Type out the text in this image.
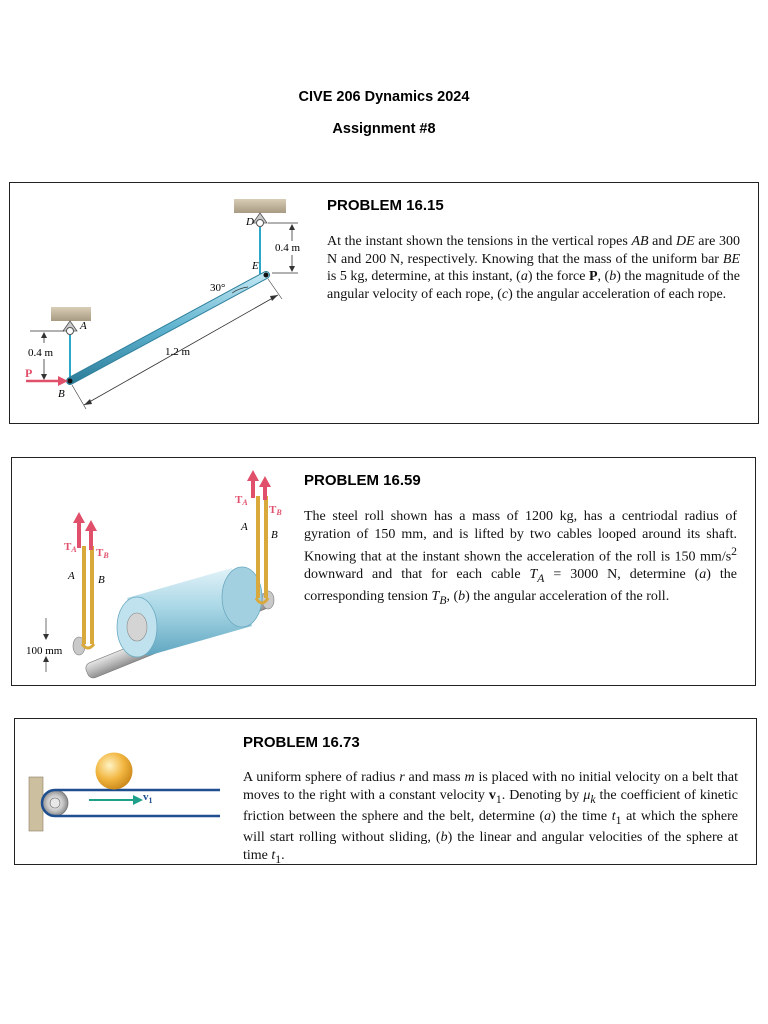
CIVE 206 Dynamics 2024
Assignment #8
0.4 m
0.4 m	1.2 m
30°
P
D
E
A
B
PROBLEM 16.15

At the instant shown the tensions in the vertical ropes AB and DE are 300 N and 200 N, respectively. Knowing that the mass of the uniform bar BE is 5 kg, determine, at this instant, (a) the force P, (b) the magnitude of the angular velocity of each rope, (c) the angular acceleration of each rope.

TA TB
TA
TB
A B
A
B
100 mm
PROBLEM 16.59

The steel roll shown has a mass of 1200 kg, has a centriodal radius of gyration of 150 mm, and is lifted by two cables looped around its shaft. Knowing that at the instant shown the acceleration of the roll is 150 $mm/s^2$ downward and that for each cable $T_A = 3000$ N, determine (a) the corresponding tension $T_B$, (b) the angular acceleration of the roll.

$v_1$
PROBLEM 16.73

A uniform sphere of radius r and mass m is placed with no initial velocity on a belt that moves to the right with a constant velocity $v_1$. Denoting by $\mu_k$ the coefficient of kinetic friction between the sphere and the belt, determine (a) the time $t_1$ at which the sphere will start rolling without sliding, (b) the linear and angular velocities of the sphere at time $t_1$.
